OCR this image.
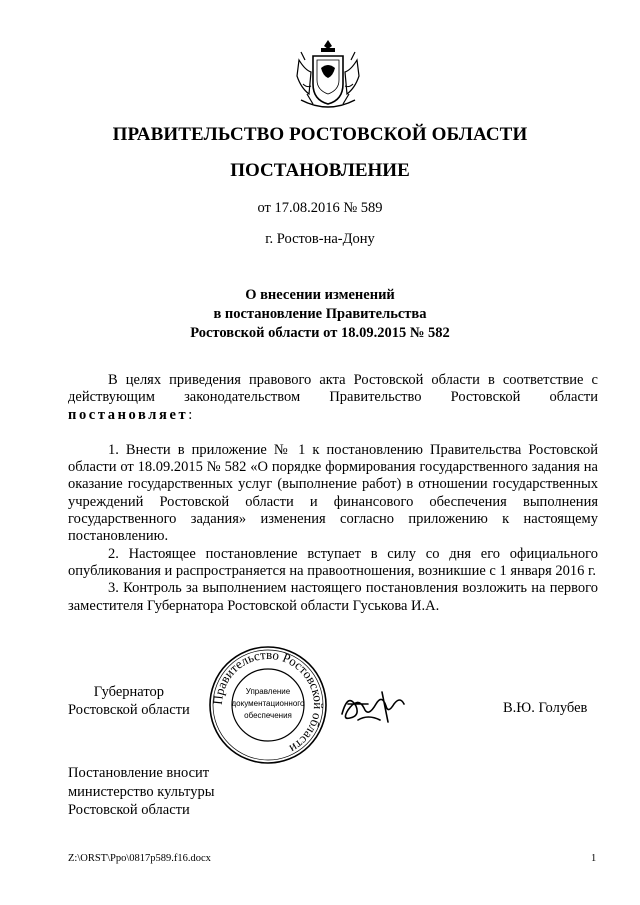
ПРАВИТЕЛЬСТВО РОСТОВСКОЙ ОБЛАСТИ
ПОСТАНОВЛЕНИЕ
от 17.08.2016 № 589
г. Ростов-на-Дону
О внесении изменений
в постановление Правительства
Ростовской области от 18.09.2015 № 582

В целях приведения правового акта Ростовской области в соответствие с действующим законодательством Правительство Ростовской области постановляет:

1. Внести в приложение № 1 к постановлению Правительства Ростовской области от 18.09.2015 № 582 «О порядке формирования государственного задания на оказание государственных услуг (выполнение работ) в отношении государственных учреждений Ростовской области и финансового обеспечения выполнения государственного задания» изменения согласно приложению к настоящему постановлению.

2. Настоящее постановление вступает в силу со дня его официального опубликования и распространяется на правоотношения, возникшие с 1 января 2016 г.

3. Контроль за выполнением настоящего постановления возложить на первого заместителя Губернатора Ростовской области Гуськова И.А.

Губернатор
Ростовской области
Правительство Ростовской области
Управление
документационного
обеспечения	В.Ю. Голубев
Постановление вносит
министерство культуры
Ростовской области
Z:\ORST\Ppo\0817p589.f16.docx	1
